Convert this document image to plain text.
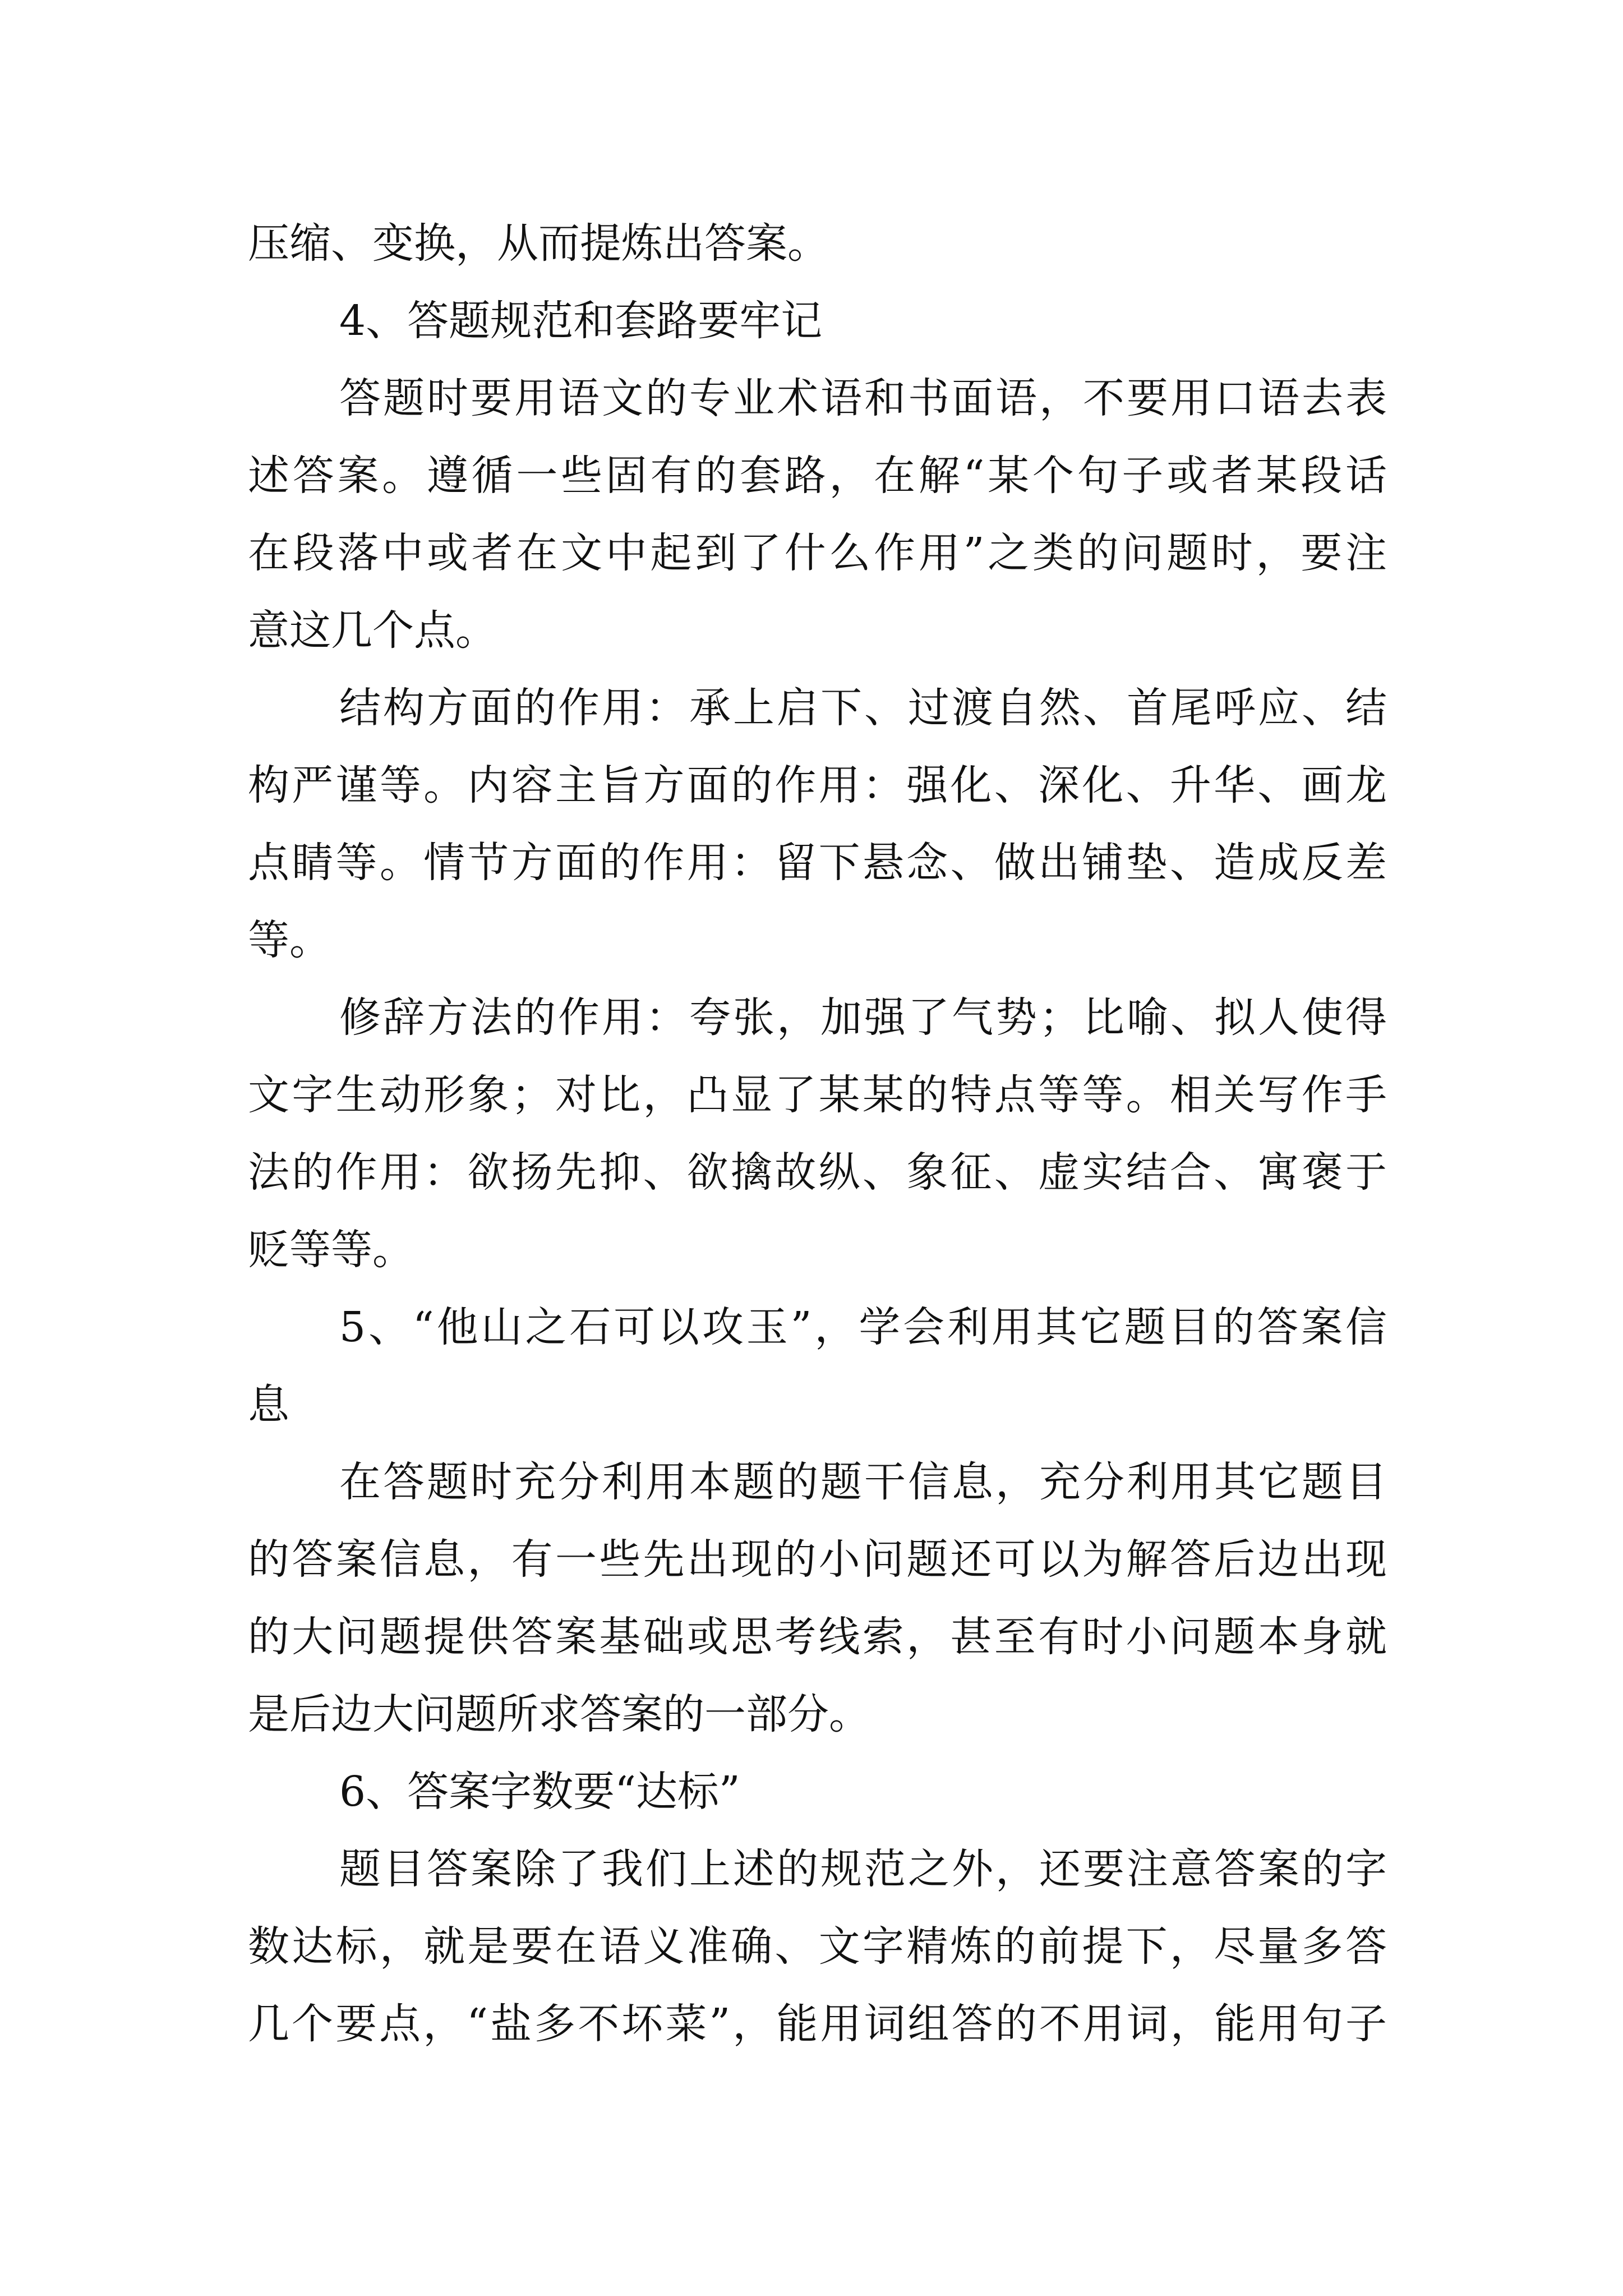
压缩、变换，从而提炼出答案。
4、答题规范和套路要牢记
答题时要用语文的专业术语和书面语，不要用口语去表
述答案。遵循一些固有的套路，在解“某个句子或者某段话
在段落中或者在文中起到了什么作用”之类的问题时，要注
意这几个点。
结构方面的作用：承上启下、过渡自然、首尾呼应、结
构严谨等。内容主旨方面的作用：强化、深化、升华、画龙
点睛等。情节方面的作用：留下悬念、做出铺垫、造成反差
等。
修辞方法的作用：夸张，加强了气势；比喻、拟人使得
文字生动形象；对比，凸显了某某的特点等等。相关写作手
法的作用：欲扬先抑、欲擒故纵、象征、虚实结合、寓褒于
贬等等。
5、“他山之石可以攻玉”，学会利用其它题目的答案信
息
在答题时充分利用本题的题干信息，充分利用其它题目
的答案信息，有一些先出现的小问题还可以为解答后边出现
的大问题提供答案基础或思考线索，甚至有时小问题本身就
是后边大问题所求答案的一部分。
6、答案字数要“达标”
题目答案除了我们上述的规范之外，还要注意答案的字
数达标，就是要在语义准确、文字精炼的前提下，尽量多答
几个要点，“盐多不坏菜”，能用词组答的不用词，能用句子
